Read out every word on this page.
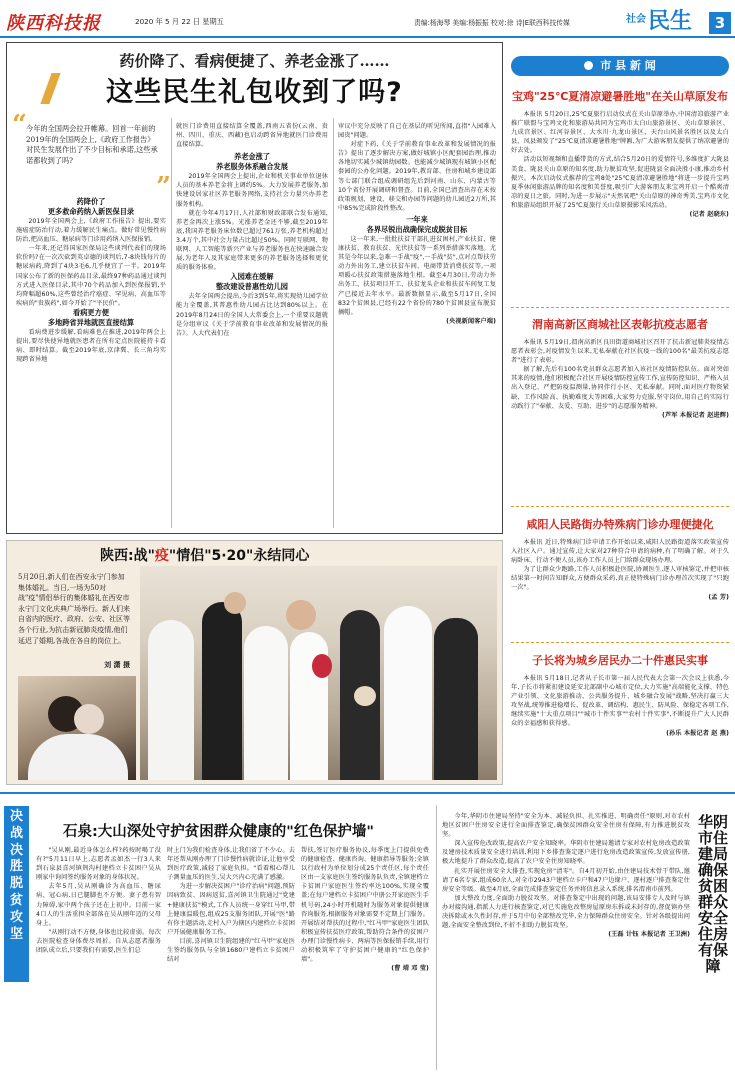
陕西科技报	2020 年 5 月 22 日 星期五	责编:杨海琴 美编:杨振振 校对:徐 诗|E联西科技传媒	社会 民生	3
药价降了、看病便捷了、养老金涨了……
这些民生礼包收到了吗?
“
”
今年的全国两会拉开帷幕。回首一年前的2019年的全国两会上,《政府工作报告》对民生发展作出了不少目标和承诺,这些承诺都收到了吗?
药降价了
更多救命药纳入新医保目录

2019年全国两会上,《政府工作报告》提出,要实施癌症防治行动,着力缓解民生痛点。做好常见慢性病防治,把高血压、糖尿病等门诊用药纳入医保报销。

一年来,还记得国家医保局这些谈判代表们的现场软价吗?在一次次砍到英卓德的谈判后,7-8块钱每片的糖尿病药,降到了4块3毛6,几乎便宜了一半。2019年国家公布了新的医保药品目录,最终97种药品通过谈判方式进入医保目录,其中70个药品加入到医保报销,平均降幅超60%,这些曾经治疗癌症、罕见病、高血压等疾病的"贵族药",如今开始了"平民价"。

看病更方便
多地跨省异地就医直接结算

看病费进步缓解,看病难也在推进,2019年两会上提出,要尽快使异地就医患者在所有定点医院能持卡看病、即时结算。截至2019年底,京津冀、长三角均实现跨省异地

就医门诊费用直接结算全覆盖,西南五省份(云南、贵州、四川、重庆、西藏)也启动跨省异地就医门诊费用直接结算。

养老金涨了
养老服务体系融合发展

2019年全国两会上提出,企业和机关事业单位退休人员的基本养老金将上调约5%。大力发展养老服务,加快建设居家社区养老服务网络,支持社会力量兴办养老服务机构。

就在今年4月17日,人社部和财政部联合发布通知,养老金再次上涨5%。光涨养老金还不够,截至2019年底,我国养老服务床位数已超过761万张,养老机构超过3.4万个,其中社会力量占比超过50%。同时互联网、物联网、人工智能等新兴产业与养老服务也在快速融合发展,为老年人及其家庭带来更多的养老服务选择和更优质的服务体验。

入园难在缓解
整改建设普惠性幼儿园

去年全国两会提出,今后3到5年,将实现幼儿园学位能力全覆盖,其普惠性幼儿园占比达到80%以上。在2019年8月24日的全国人大常委会上,一个重要议题就是分组审议《关于学前教育事业改革和发展情况的报告》。人大代表们在

审议中充分反映了自己在基层的听见所闻,直指"入园难入园贵"问题。

对症下药,《关于学前教育事业改革和发展情况的报告》提出了逐步解决方案,做好城镇小区配套园治理,推动各地切实减少城镇幼园数。也能减少城镇现有城镇小区配套园的公办化问题。2019年,教育部、住房和城乡建设部等七部门联合组成调研组先后到河南、山东、内蒙古等10个省份开展调研和督查。目前,全国已清查出存在未按政策规划、建设、移交和办园等问题的幼儿园近2万所,其中85%完成阶段性整改。

一年来
各界尽锐出战确保完成脱贫目标

这一年来,一批批扶贫干部扎进贫困村,产业扶贫、健康扶贫、教育扶贫、光伏扶贫等一系列举措落实落地。尤其是今年以来,急难一手战"疫",一手战"贫",点对点帮扶劳动力外出务工,建立扶贫车间、电商带货消费扶贫等,一项项暖心扶贫政策措施落地生根。截至4月30日,劳动力外出务工、扶贫项目开工、扶贫龙头企业和扶贫车间复工复产已接近去年水平。最新数据显示,截至5月17日,全国832个贫困县,已经有22个省份的780个贫困县宣布脱贫摘帽。

(央视新闻客户端)

陕西:战"疫"情侣"5·20"永结同心
5月20日,新人们在西安永宁门参加集体婚礼。当日,一场为50对战"疫"情侣举行的集体婚礼在西安市永宁门文化庆典广场举行。新人们来自省内的医疗、政府、公安、社区等各个行业,为抗击新冠肺炎疫情,他们延迟了婚期,各战在各自的岗位上。
刘 潇 摄
市 县 新 闻
宝鸡"25℃夏清凉避暑胜地"在关山草原发布

本报讯 5月20日,25℃夏旅行启动仪式在关山草原举办,中国清凉旅游产业推广联盟与宝鸡文化和旅游局共同为宝鸡市太白山旅游景区、关山草原景区、九成宫景区、红河谷景区、大水川·九龙山景区、天台山风景名胜区以及太白县、凤县颁发了"25℃夏清凉避暑胜地"牌匾,为广大游客朋友提供了纳凉避暑的好去处。

活动以短视频和直播带货的方式,结合5月20日的爱情符号,多维度扩大陇县美食、陇县关山草原的知名度,助力脱贫攻坚,促进陇县全面决胜小康,推动乡村振兴。本次启动仪式推荐的宝鸡8处"25℃夏清凉避暑胜地"将进一步提升宝鸡夏季休闲旅游品牌的知名度和美誉度,吸引广大游客朋友来宝鸡开启一个酷爽清凉的夏日之旅。同时,为进一步展示"天然氧吧"关山草原的神奇秀美,宝鸡市文化和旅游局组织开展了25℃夏旅行关山草原摄影采风活动。

(记者 赵晓东)

渭南高新区商城社区表彰抗疫志愿者

本报讯 5月19日,渭南高新区良田街道商城社区召开了抗击新冠肺炎疫情志愿者表彰会,对疫情发生以来,无私奉献在社区抗疫一线的100名"最美抗疫志愿者"进行了表彰。

据了解,先后有100名党员群众志愿者加入该社区疫情防控队伍。面对突如其来的疫情,他们积极配合社区开展疫情防控宣传工作,宣传防控知识、严格入员出入登记、严把防疫温测量,协同伴行小区、无私奉献。同时,面对医疗物资紧缺、工作风险高、执勤难度大等困难,大家努力克服,坚守岗位,用自己的实际行动践行了"奉献、友爱、互助、进步"的志愿服务精神。

(芦军 本报记者 赵进辉)

咸阳人民路街办特殊病门诊办理便捷化

本报讯 近日,特殊病门诊申请工作开始以来,咸阳人民路街道落实政策宣传入社区入户。通过宣传,让大家对27种符合申请的病种,有了明确了解。对于久病卧床、行动不便人员,该办工作人员上门给群众现场办理。

为了让群众少跑路,工作人员积极赴医院,协调医生,逐人审核鉴定,并把审核结果第一时间告知群众,方便群众采药,真正使特殊病门诊办理首次实现了"只跑一次"。

(孟 芳)

子长将为城乡居民办二十件惠民实事

本报讯 5月18日,记者从子长市第一届人民代表大会第一次会议上获悉,今年,子长市将紧扣建设延安北部副中心城市定位,大力实施"高端能化支撑、特色产业引领、文化旅游推动、公共服务提升、城乡融合发展"战略,坚决打赢三大攻坚战,统筹推进稳增长、促改革、调结构、惠民生、防风险、保稳定各项工作,继续实施"十大重点项目""城市十件实事""农村十件实事",不断提升广大人民群众的幸福感和获得感。

(孙乐 本报记者 赵 燕)

决战决胜脱贫攻坚
石泉:大山深处守护贫困群众健康的"红色保护墙"

"吴从刚,最近身体怎么样?药按时喝了没有?"5月11日早上,志愿者孟如杰一行3人来到石泉县喜河镇荆沟村建档立卡贫困户吴从刚家中询问签约服务对象的身体状况。

去年5月,吴从刚确诊为高血压、糖尿病、冠心病,日已腿脚也不方便。妻子患有智力障碍,家中两个孩子还在上初中。目前一家4口人的生活重担全部落在吴从刚年迈的父母身上。

"从刚行动不方便,身体也比较虚弱。每次去医院检查身体费尽周折。自从志愿者服务团队成立后,只要我们有需要,医生们总

时上门为我们检查身体,让我们省了不少心。去年还帮从刚办理了门诊慢性病就诊证,让他享受到医疗政策,减轻了家庭负担。"看着相心帮儿子测量血压的医生,吴大兴内心充满了感激。

为进一步解决贫困户"诊疗治病"问题,预防因病致贫、因病返贫,喜河镇卫生院通过"党建+健康扶贫"模式,工作人员统一身穿红马甲,带上健康温暖包,组成25支服务团队,开展"医"路有你主题活动,走村入户为辖区内建档立卡贫困户开展健康服务工作。

目前,喜河镇卫生院组建的"红马甲"家庭医生签约服务队与全镇1680户建档立卡贫困户结对

帮扶,签订医疗服务协议,每季度上门提供免费的健康检查、健康咨询、健康指导等服务;全镇以行政村为单位划分成25个责任区,每个责任区由一支家庭医生签约服务队负责,全镇建档立卡贫困户家庭医生签约率达100%,实现全覆盖;在每户建档立卡贫困户中册公开家庭医生手机号码,24小时开机随时为服务对象提供健康咨询服务,根据服务对象需要不定期上门服务。开展结对帮扶的过程中,"红马甲"家庭医生团队积极宣传扶贫医疗政策,帮助符合条件的贫困户办理门诊慢性病卡、两病等医保报销手续,用行动积极筑牢了守护贫困户健康的"红色保护墙"。

(曹 靖 邓 莹)

今年,华阴市住建局坚持"安全为本、减轻负担、扎实推进、明确责任"原则,对市农村地区贫困户住房安全进行全面排查鉴定,确保贫困群众安全住房有保障,有力推进脱贫攻坚。

深入宣传危改政策,提高农户安全知晓率。华阴市住建局邀请专家对农村危房改造政策及建房技术质量安全进行培训,利用下乡排查鉴定逐户进行危房改造政策宣传,发放宣传册,极大地提升了群众改造,提高了农户安全住房知晓率。

扎实开展住房安全大排查,实现危房"清零"。自4月初开始,由住建局技术骨干带队,邀请了6名专家,组成60余人,对全市2943户建档立卡户和47户边缘户、逐村逐户排查鉴定住房安全等级。截至4月底,全面完成排查鉴定任务并将信息录入系统,排名渭南市前列。

加大整改力度,全面助力脱贫攻坚。对排查鉴定中出现的问题,该局安排专人及时与镇办对接沟通,指派人力进行核查鉴定,对已实施危改整房屋原房东拆或未封存的,督促镇办坚决拆除或永久性封存,并于5月中旬全部整改完毕,全力保障群众住房安全。针对各级提出问题,全面安全整改到位,不折不扣助力脱贫攻坚。

(王磊 计钰 本报记者 王卫洲)

华阴市住建局确保贫困群众安全住房有保障
